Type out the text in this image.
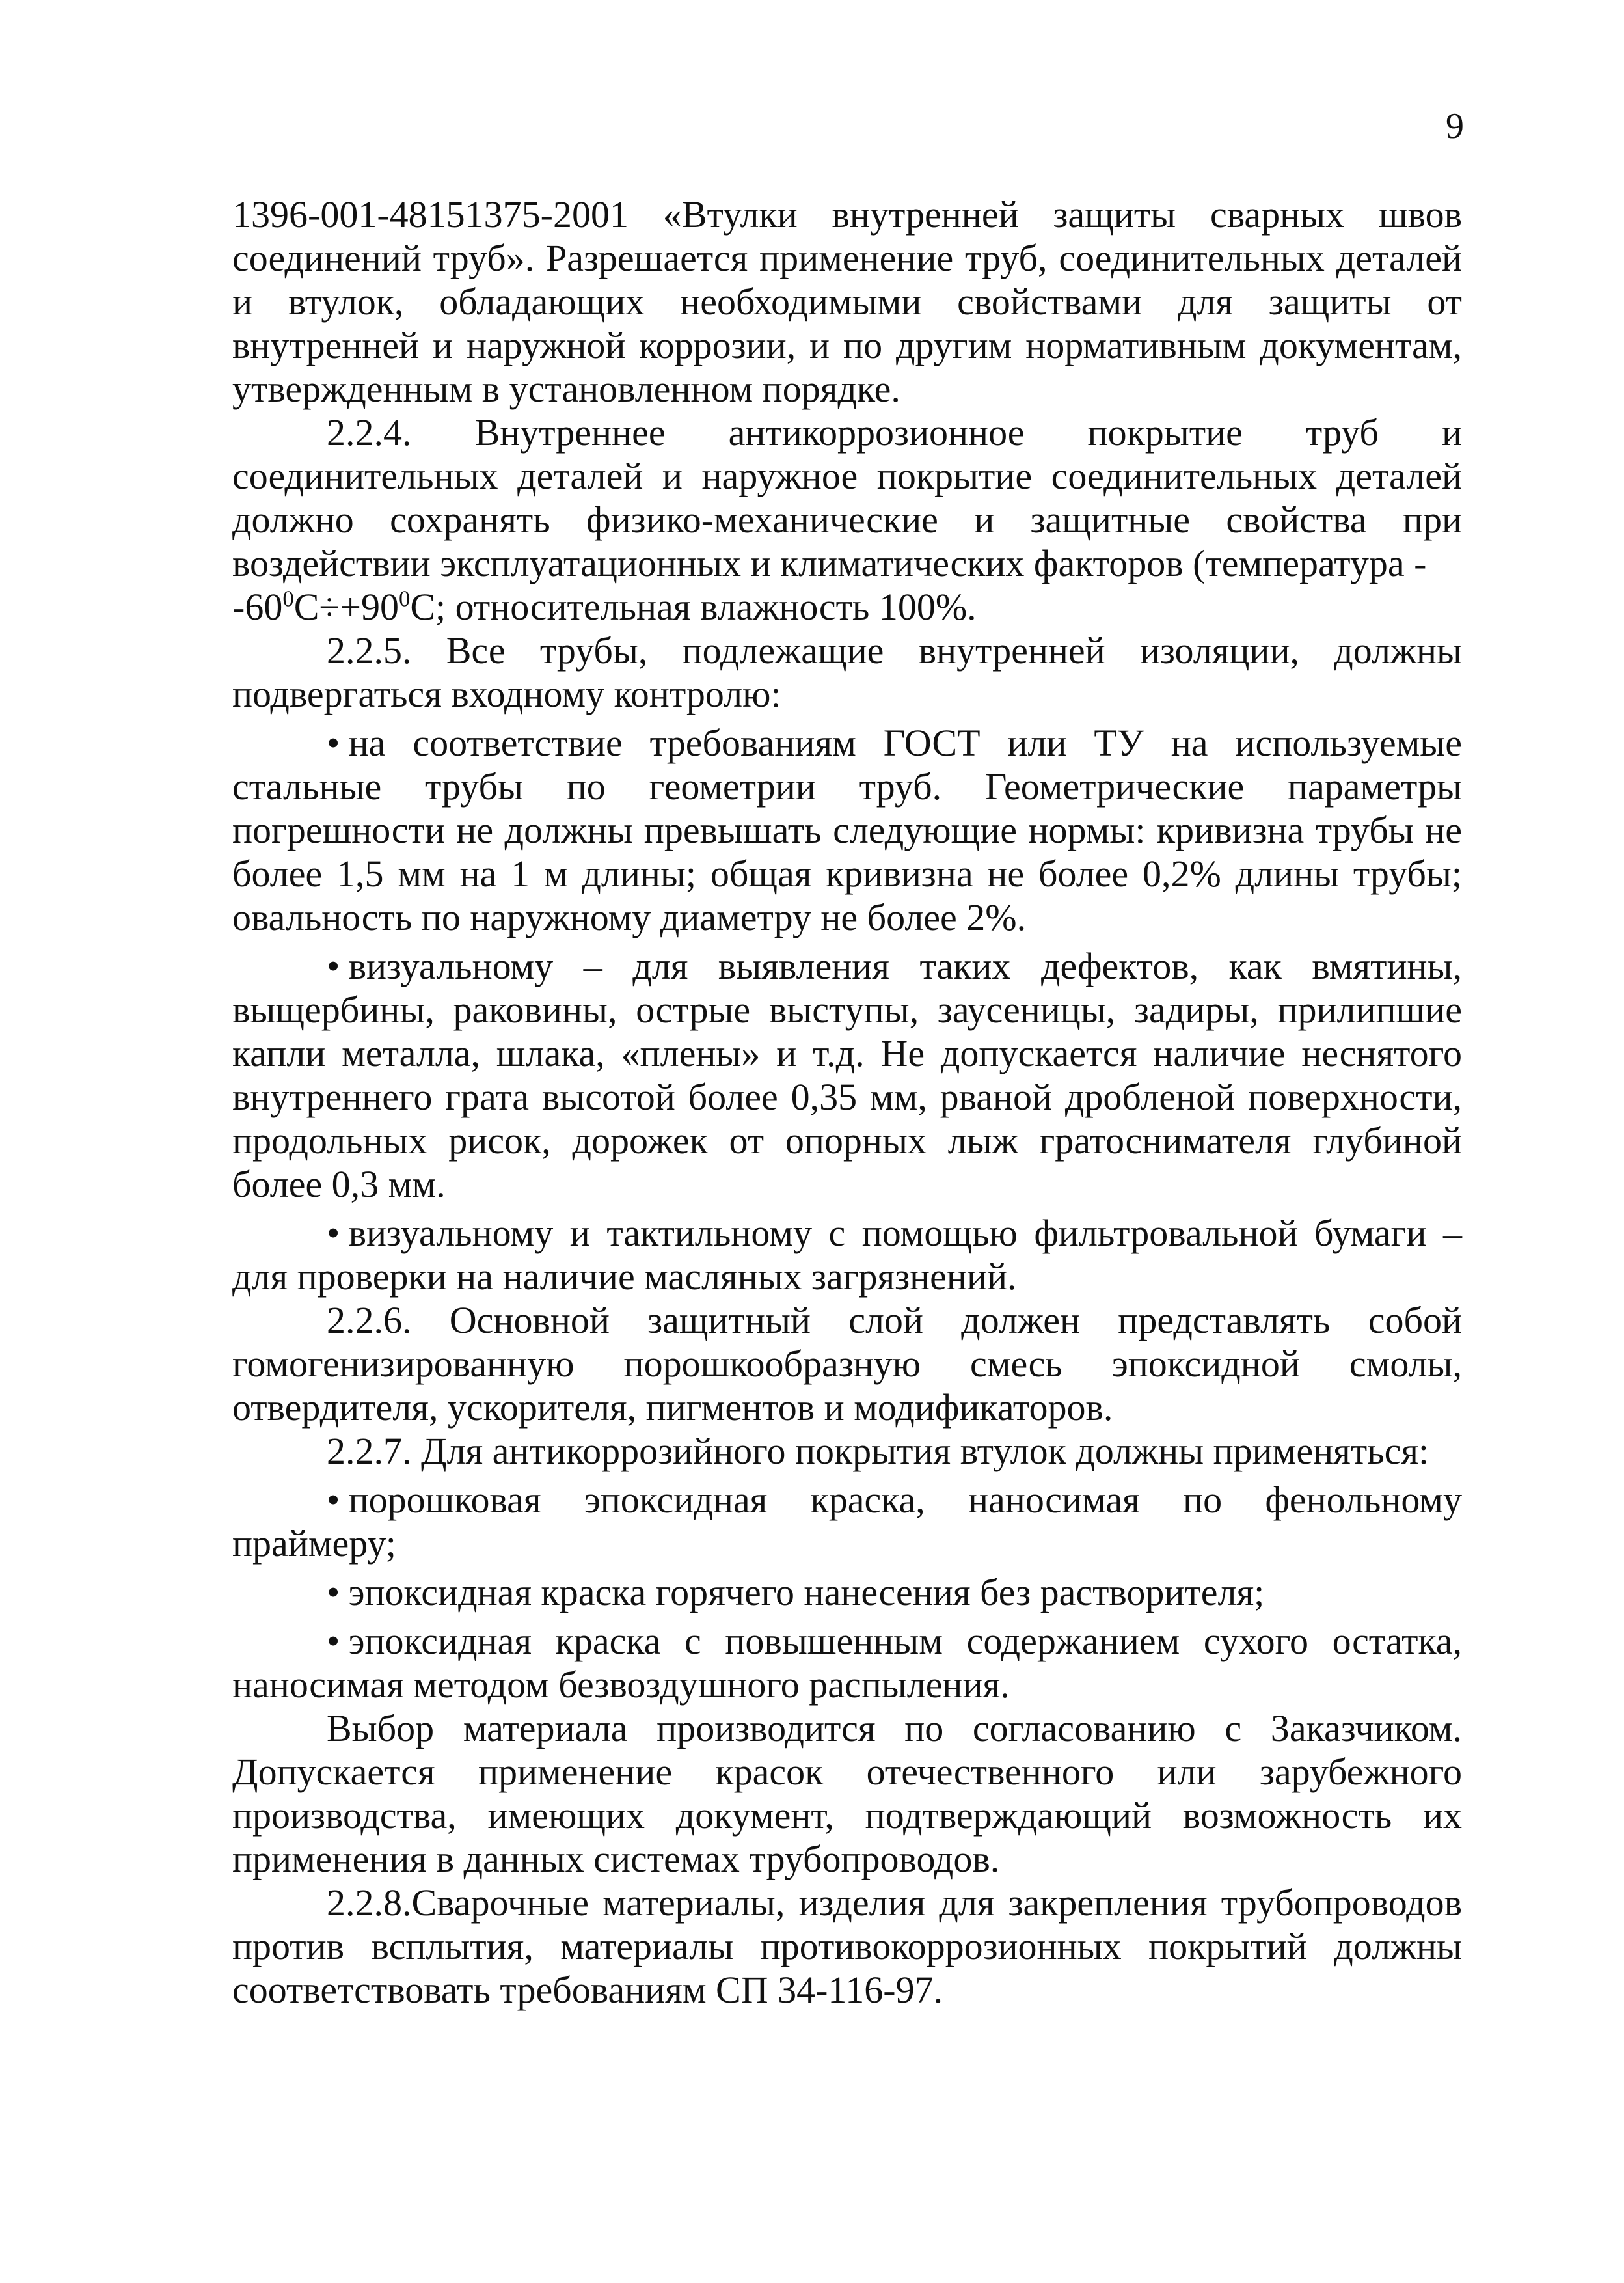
9

1396-001-48151375-2001 «Втулки внутренней защиты сварных швов соединений труб». Разрешается применение труб, соединительных деталей и втулок, обладающих необходимыми свойствами для защиты от внутренней и наружной коррозии, и по другим нормативным документам, утвержденным в установленном порядке.

2.2.4. Внутреннее антикоррозионное покрытие труб и соединительных деталей и наружное покрытие соединительных деталей должно сохранять физико-механические и защитные свойства при воздействии эксплуатационных и климатических факторов (температура -
$-60^0C\div+90^0C$; относительная влажность 100%.

2.2.5. Все трубы, подлежащие внутренней изоляции, должны подвергаться входному контролю:

• на соответствие требованиям ГОСТ или ТУ на используемые стальные трубы по геометрии труб. Геометрические параметры погрешности не должны превышать следующие нормы: кривизна трубы не более 1,5 мм на 1 м длины; общая кривизна не более 0,2% длины трубы; овальность по наружному диаметру не более 2%.

• визуальному – для выявления таких дефектов, как вмятины, выщербины, раковины, острые выступы, заусеницы, задиры, прилипшие капли металла, шлака, «плены» и т.д. Не допускается наличие неснятого внутреннего грата высотой более 0,35 мм, рваной дробленой поверхности, продольных рисок, дорожек от опорных лыж гратоснимателя глубиной более 0,3 мм.

• визуальному и тактильному с помощью фильтровальной бумаги – для проверки на наличие масляных загрязнений.

2.2.6. Основной защитный слой должен представлять собой гомогенизированную порошкообразную смесь эпоксидной смолы, отвердителя, ускорителя, пигментов и модификаторов.

2.2.7. Для антикоррозийного покрытия втулок должны применяться:

• порошковая эпоксидная краска, наносимая по фенольному праймеру;

• эпоксидная краска горячего нанесения без растворителя;

• эпоксидная краска с повышенным содержанием сухого остатка, наносимая методом безвоздушного распыления.

Выбор материала производится по согласованию с Заказчиком. Допускается применение красок отечественного или зарубежного производства, имеющих документ, подтверждающий возможность их применения в данных системах трубопроводов.

2.2.8.Сварочные материалы, изделия для закрепления трубопроводов против всплытия, материалы противокоррозионных покрытий должны соответствовать требованиям СП 34-116-97.
